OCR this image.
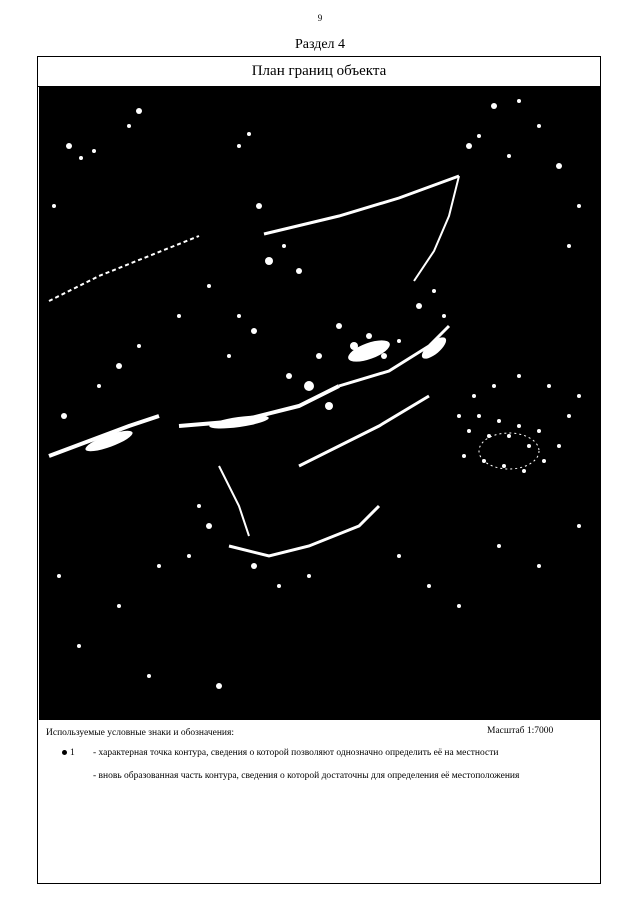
9
Раздел 4
План границ объекта
Используемые условные знаки и обозначения:	Масштаб 1:7000
1 - характерная точка контура, сведения о которой позволяют однозначно определить её на местности
- вновь образованная часть контура, сведения о которой достаточны для определения её местоположения
